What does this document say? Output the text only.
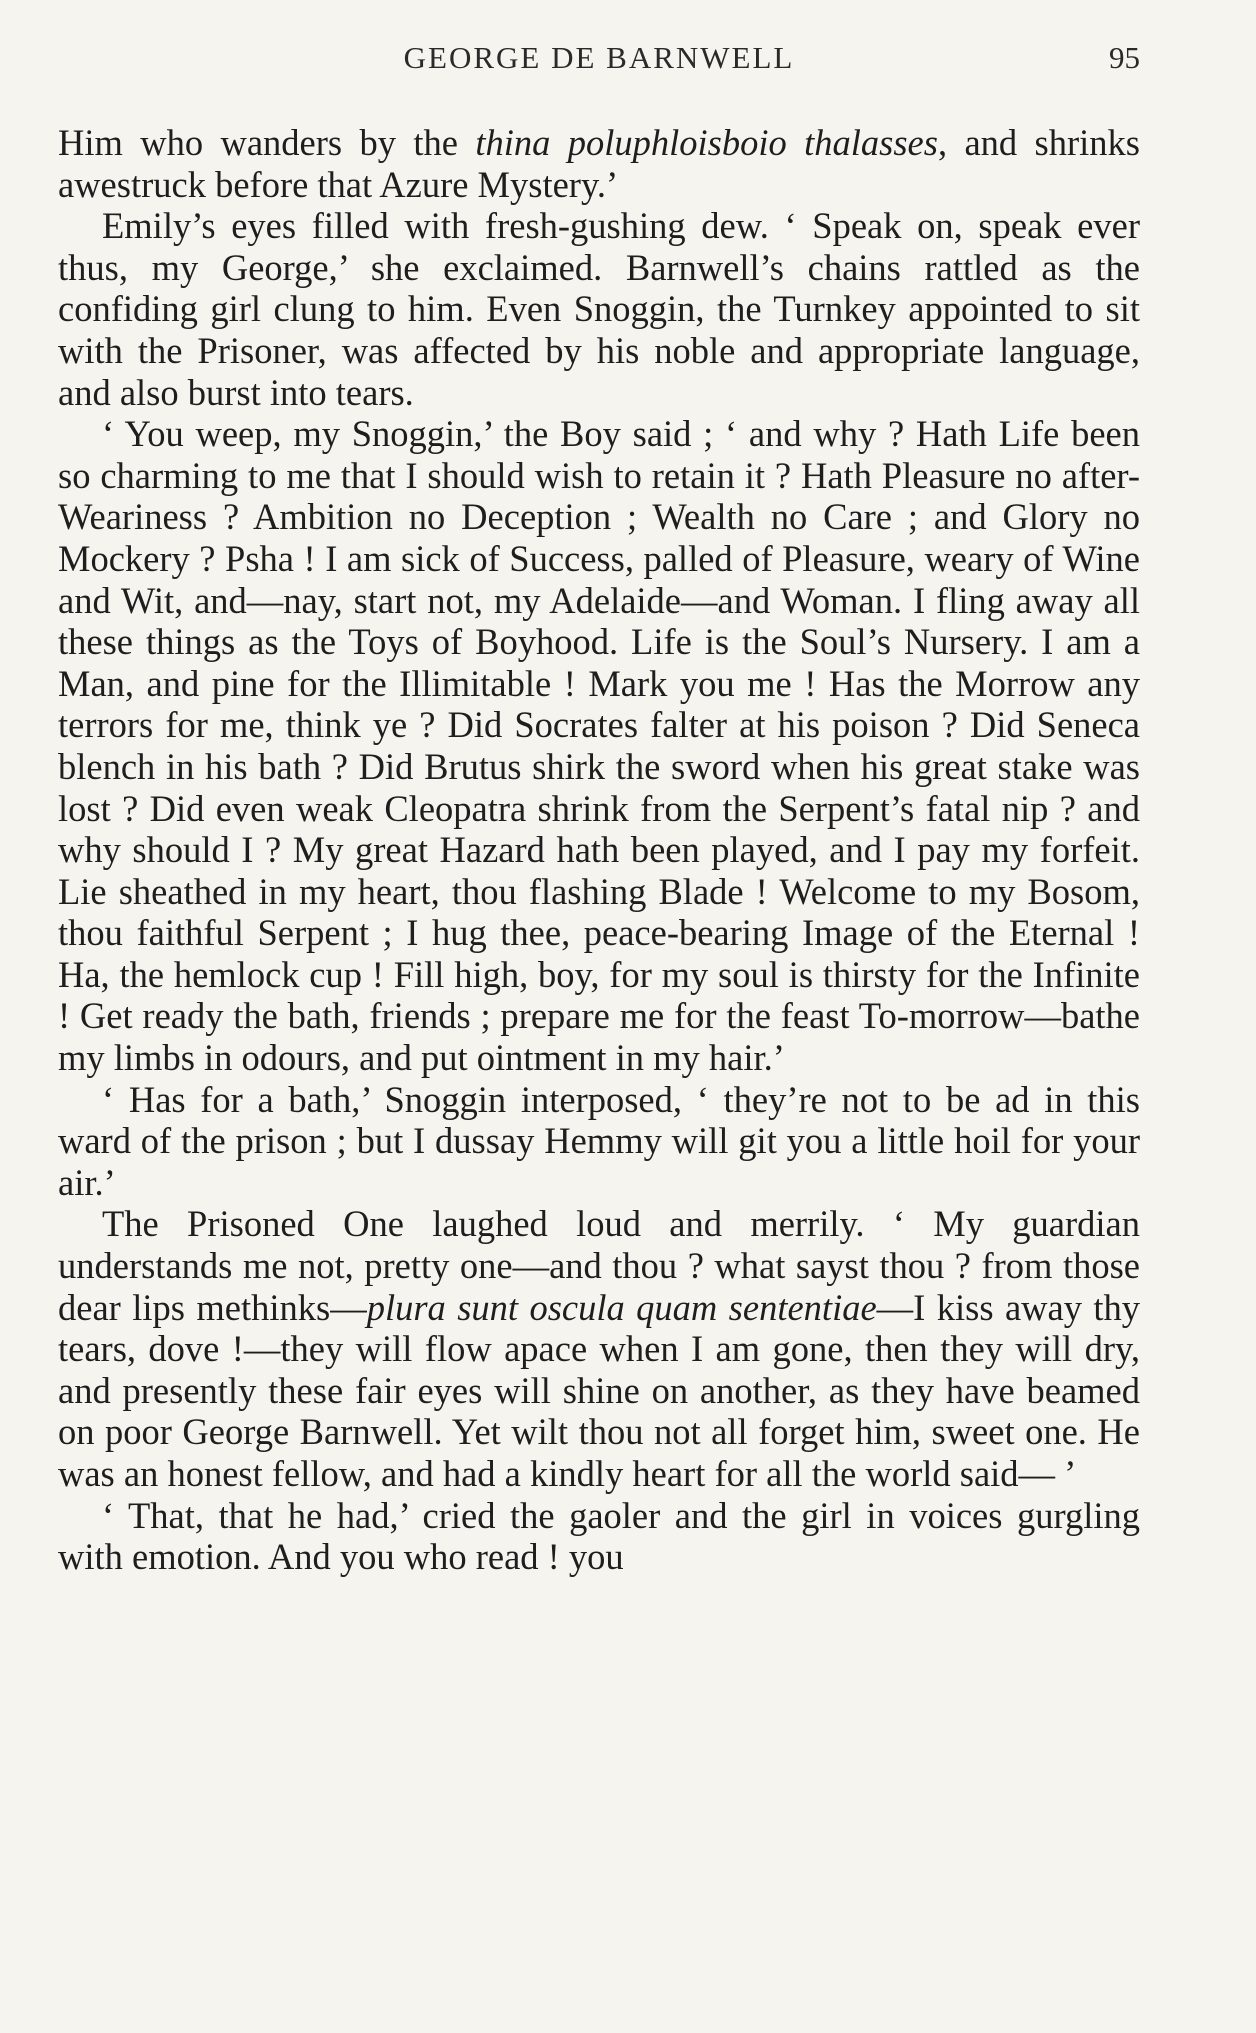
GEORGE DE BARNWELL	95

Him who wanders by the thina poluphloisboio thalasses, and shrinks awestruck before that Azure Mystery.’

Emily’s eyes filled with fresh-gushing dew. ‘ Speak on, speak ever thus, my George,’ she exclaimed. Barnwell’s chains rattled as the confiding girl clung to him. Even Snoggin, the Turnkey appointed to sit with the Prisoner, was affected by his noble and appropriate language, and also burst into tears.

‘ You weep, my Snoggin,’ the Boy said ; ‘ and why ? Hath Life been so charming to me that I should wish to retain it ? Hath Pleasure no after-Weariness ? Ambition no Deception ; Wealth no Care ; and Glory no Mockery ? Psha ! I am sick of Success, palled of Pleasure, weary of Wine and Wit, and—nay, start not, my Adelaide—and Woman. I fling away all these things as the Toys of Boyhood. Life is the Soul’s Nursery. I am a Man, and pine for the Illimitable ! Mark you me ! Has the Morrow any terrors for me, think ye ? Did Socrates falter at his poison ? Did Seneca blench in his bath ? Did Brutus shirk the sword when his great stake was lost ? Did even weak Cleopatra shrink from the Serpent’s fatal nip ? and why should I ? My great Hazard hath been played, and I pay my forfeit. Lie sheathed in my heart, thou flashing Blade ! Welcome to my Bosom, thou faithful Serpent ; I hug thee, peace-bearing Image of the Eternal ! Ha, the hemlock cup ! Fill high, boy, for my soul is thirsty for the Infinite ! Get ready the bath, friends ; prepare me for the feast To-morrow—bathe my limbs in odours, and put ointment in my hair.’

‘ Has for a bath,’ Snoggin interposed, ‘ they’re not to be ad in this ward of the prison ; but I dussay Hemmy will git you a little hoil for your air.’

The Prisoned One laughed loud and merrily. ‘ My guardian understands me not, pretty one—and thou ? what sayst thou ? from those dear lips methinks—plura sunt oscula quam sententiae—I kiss away thy tears, dove !—they will flow apace when I am gone, then they will dry, and presently these fair eyes will shine on another, as they have beamed on poor George Barnwell. Yet wilt thou not all forget him, sweet one. He was an honest fellow, and had a kindly heart for all the world said— ’

‘ That, that he had,’ cried the gaoler and the girl in voices gurgling with emotion. And you who read ! you
